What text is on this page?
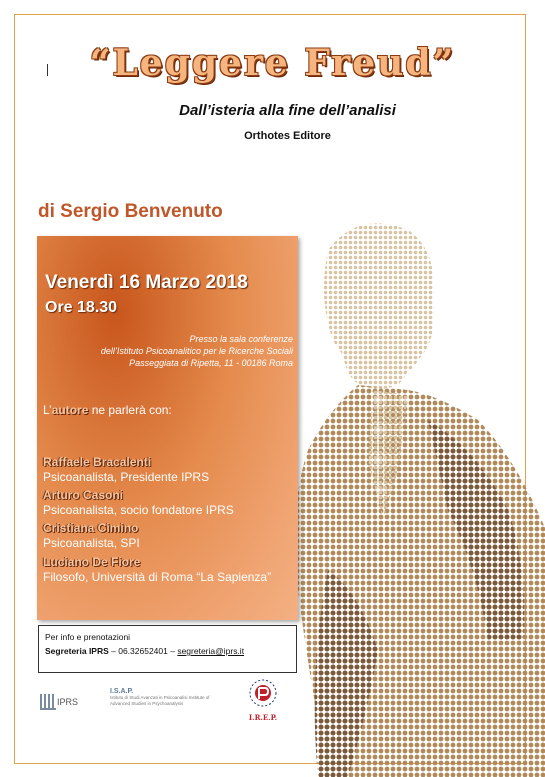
“Leggere Freud”
Dall’isteria alla fine dell’analisi
Orthotes Editore
di Sergio Benvenuto
Venerdì 16 Marzo 2018
Ore 18.30
Presso la sala conferenze
dell’Istituto Psicoanalitico per le Ricerche Sociali
Passeggiata di Ripetta, 11 - 00186 Roma
L’autore ne parlerà con:
Raffaele Bracalenti
Psicoanalista, Presidente IPRS
Arturo Casoni
Psicoanalista, socio fondatore IPRS
Cristiana Cimino
Psicoanalista, SPI
Luciano De Fiore
Filosofo, Università di Roma “La Sapienza”
Per info e prenotazioni
Segreteria IPRS – 06.32652401 – segreteria@iprs.it
IPRS
I.S.A.P.
Istituto di Studi Avanzati in Psicoanalisi Institute of Advanced Studies in Psychoanalysis
I.R.E.P.
